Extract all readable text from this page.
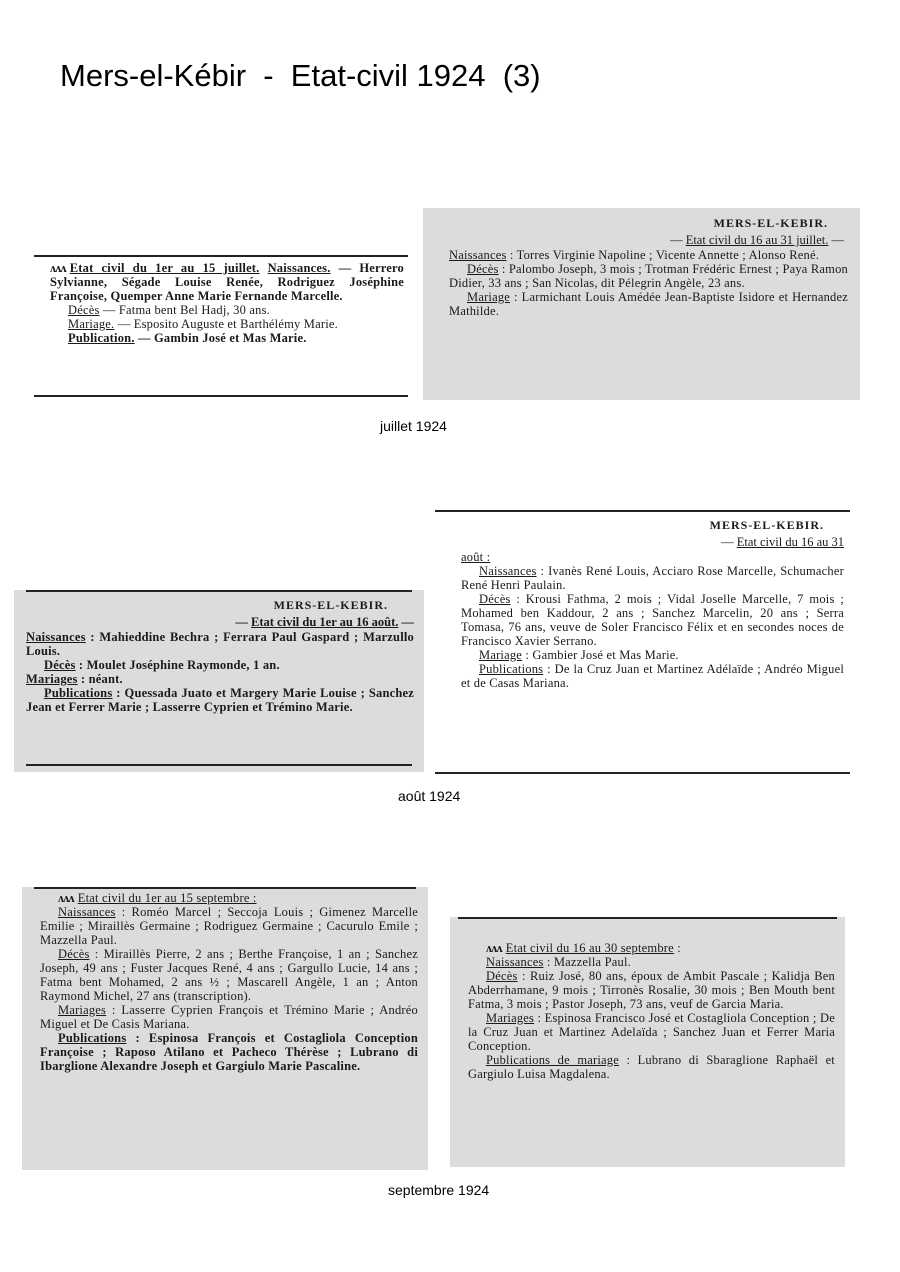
Mers-el-Kébir  -  Etat-civil 1924  (3)

ʌʌʌ Etat civil du 1er au 15 juillet. Naissances. — Herrero Sylvianne, Ségade Louise Renée, Rodriguez Joséphine Françoise, Quemper Anne Marie Fernande Marcelle.

Décès — Fatma bent Bel Hadj, 30 ans.

Mariage. — Esposito Auguste et Barthélémy Marie.

Publication. — Gambin José et Mas Marie.

MERS-EL-KEBIR.
— Etat civil du 16 au 31 juillet. —

Naissances : Torres Virginie Napoline ; Vicente Annette ; Alonso René.

Décès : Palombo Joseph, 3 mois ; Trotman Frédéric Ernest ; Paya Ramon Didier, 33 ans ; San Nicolas, dit Pélegrin Angèle, 23 ans.

Mariage : Larmichant Louis Amédée Jean-Baptiste Isidore et Hernandez Mathilde.

juillet 1924
MERS-EL-KEBIR.
— Etat civil du 1er au 16 août. —

Naissances : Mahieddine Bechra ; Ferrara Paul Gaspard ; Marzullo Louis.

Décès : Moulet Joséphine Raymonde, 1 an.

Mariages : néant.

Publications : Quessada Juato et Margery Marie Louise ; Sanchez Jean et Ferrer Marie ; Lasserre Cyprien et Trémino Marie.

MERS-EL-KEBIR.
— Etat civil du 16 au 31

août :

Naissances : Ivanès René Louis, Acciaro Rose Marcelle, Schumacher René Henri Paulain.

Décès : Krousi Fathma, 2 mois ; Vidal Joselle Marcelle, 7 mois ; Mohamed ben Kaddour, 2 ans ; Sanchez Marcelin, 20 ans ; Serra Tomasa, 76 ans, veuve de Soler Francisco Félix et en secondes noces de Francisco Xavier Serrano.

Mariage : Gambier José et Mas Marie.

Publications : De la Cruz Juan et Martinez Adélaïde ; Andréo Miguel et de Casas Mariana.

août 1924

ʌʌʌ Etat civil du 1er au 15 septembre :

Naissances : Roméo Marcel ; Seccoja Louis ; Gimenez Marcelle Emilie ; Miraillès Germaine ; Rodriguez Germaine ; Cacurulo Emile ; Mazzella Paul.

Décès : Miraillès Pierre, 2 ans ; Berthe Françoise, 1 an ; Sanchez Joseph, 49 ans ; Fuster Jacques René, 4 ans ; Gargullo Lucie, 14 ans ; Fatma bent Mohamed, 2 ans ½ ; Mascarell Angèle, 1 an ; Anton Raymond Michel, 27 ans (transcription).

Mariages : Lasserre Cyprien François et Trémino Marie ; Andréo Miguel et De Casis Mariana.

Publications : Espinosa François et Costagliola Conception Françoise ; Raposo Atilano et Pacheco Thérèse ; Lubrano di Ibarglione Alexandre Joseph et Gargiulo Marie Pascaline.

ʌʌʌ Etat civil du 16 au 30 septembre :

Naissances : Mazzella Paul.

Décès : Ruiz José, 80 ans, époux de Ambit Pascale ; Kalidja Ben Abderrhamane, 9 mois ; Tirronès Rosalie, 30 mois ; Ben Mouth bent Fatma, 3 mois ; Pastor Joseph, 73 ans, veuf de Garcia Maria.

Mariages : Espinosa Francisco José et Costagliola Conception ; De la Cruz Juan et Martinez Adelaïda ; Sanchez Juan et Ferrer Maria Conception.

Publications de mariage : Lubrano di Sbaraglione Raphaël et Gargiulo Luisa Magdalena.

septembre 1924
